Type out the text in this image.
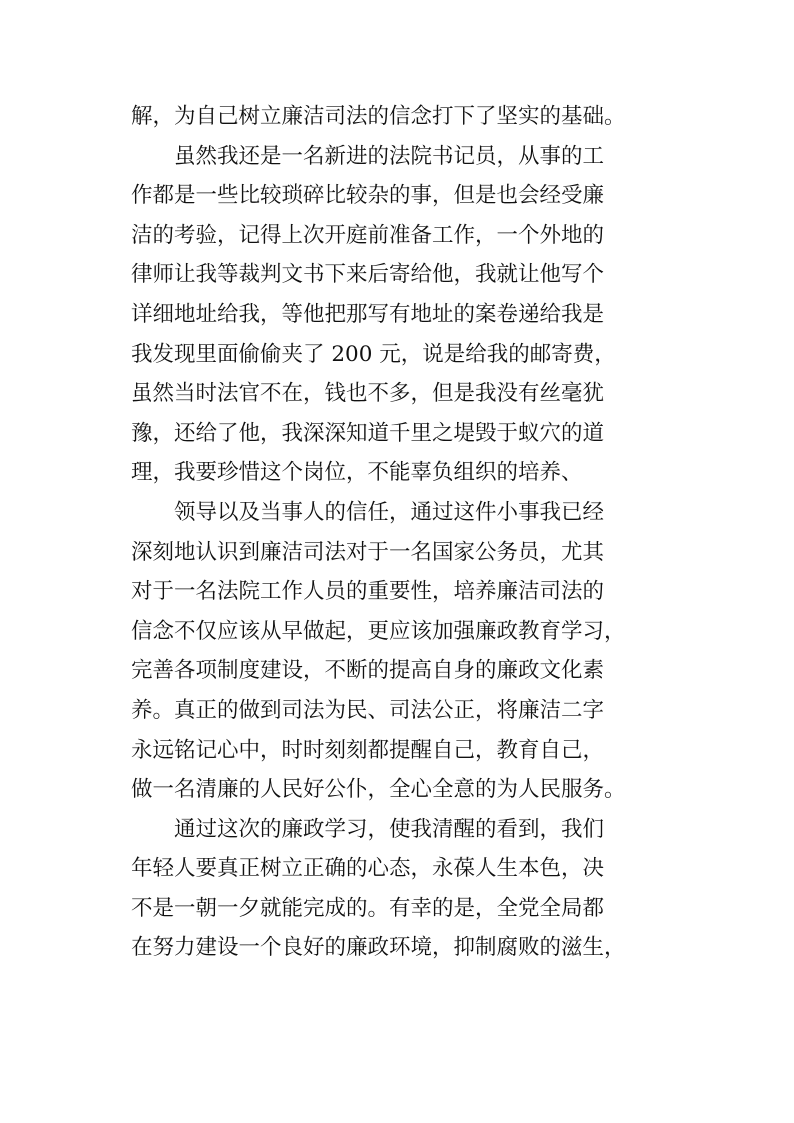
解，为自己树立廉洁司法的信念打下了坚实的基础。
虽然我还是一名新进的法院书记员，从事的工
作都是一些比较琐碎比较杂的事，但是也会经受廉
洁的考验，记得上次开庭前准备工作，一个外地的
律师让我等裁判文书下来后寄给他，我就让他写个
详细地址给我，等他把那写有地址的案卷递给我是
我发现里面偷偷夹了 200 元，说是给我的邮寄费，
虽然当时法官不在，钱也不多，但是我没有丝毫犹
豫，还给了他，我深深知道千里之堤毁于蚁穴的道
理，我要珍惜这个岗位，不能辜负组织的培养、
领导以及当事人的信任，通过这件小事我已经
深刻地认识到廉洁司法对于一名国家公务员，尤其
对于一名法院工作人员的重要性，培养廉洁司法的
信念不仅应该从早做起，更应该加强廉政教育学习，
完善各项制度建设，不断的提高自身的廉政文化素
养。真正的做到司法为民、司法公正，将廉洁二字
永远铭记心中，时时刻刻都提醒自己，教育自己，
做一名清廉的人民好公仆，全心全意的为人民服务。
通过这次的廉政学习，使我清醒的看到，我们
年轻人要真正树立正确的心态，永葆人生本色，决
不是一朝一夕就能完成的。有幸的是，全党全局都
在努力建设一个良好的廉政环境，抑制腐败的滋生，
